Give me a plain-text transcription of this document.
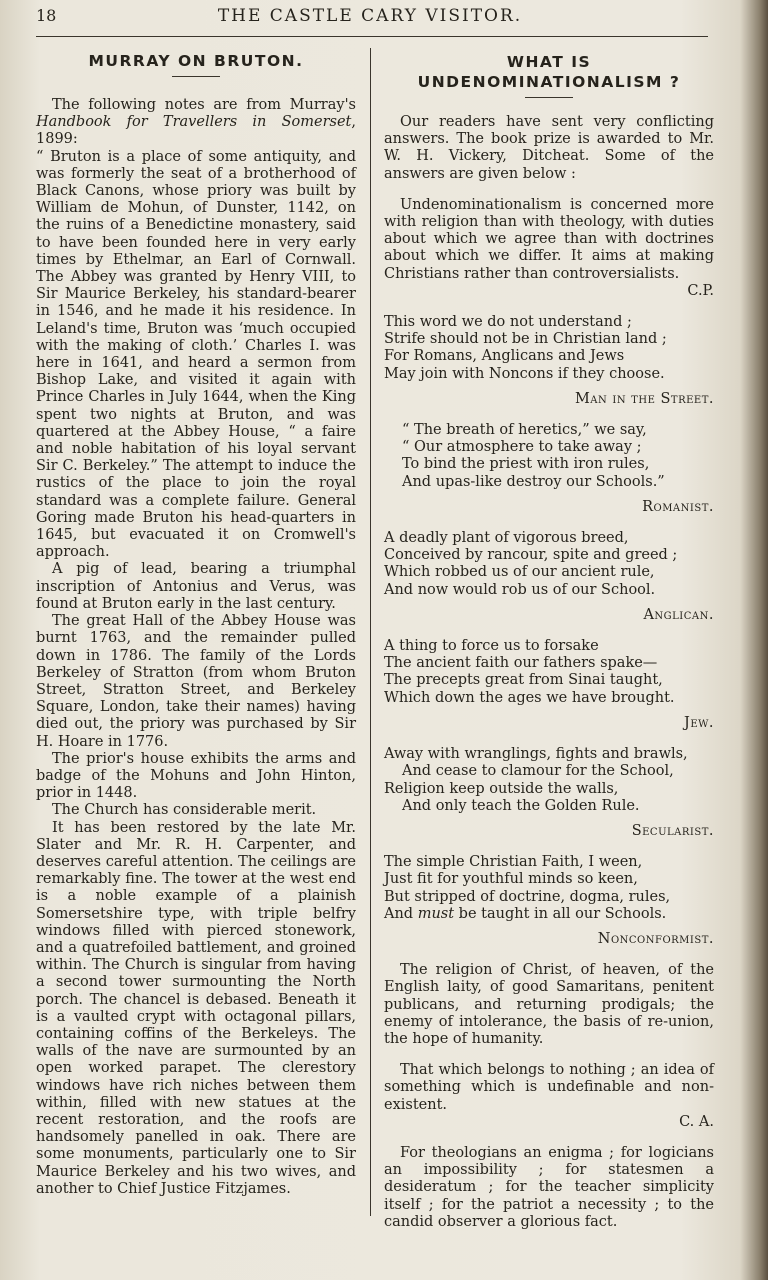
18	THE CASTLE CARY VISITOR.
MURRAY ON BRUTON.

The following notes are from Murray's Handbook for Travellers in Somerset, 1899:

“ Bruton is a place of some antiquity, and was formerly the seat of a brotherhood of Black Canons, whose priory was built by William de Mohun, of Dunster, 1142, on the ruins of a Benedictine monastery, said to have been founded here in very early times by Ethelmar, an Earl of Cornwall. The Abbey was granted by Henry VIII, to Sir Maurice Berkeley, his standard-bearer in 1546, and he made it his residence. In Leland's time, Bruton was ‘much occupied with the making of cloth.’ Charles I. was here in 1641, and heard a sermon from Bishop Lake, and visited it again with Prince Charles in July 1644, when the King spent two nights at Bruton, and was quartered at the Abbey House, “ a faire and noble habitation of his loyal servant Sir C. Berkeley.” The attempt to induce the rustics of the place to join the royal standard was a complete failure. General Goring made Bruton his head-quarters in 1645, but evacuated it on Cromwell's approach.

A pig of lead, bearing a triumphal inscription of Antonius and Verus, was found at Bruton early in the last century.

The great Hall of the Abbey House was burnt 1763, and the remainder pulled down in 1786. The family of the Lords Berkeley of Stratton (from whom Bruton Street, Stratton Street, and Berkeley Square, London, take their names) having died out, the priory was purchased by Sir H. Hoare in 1776.

The prior's house exhibits the arms and badge of the Mohuns and John Hinton, prior in 1448.

The Church has considerable merit.

It has been restored by the late Mr. Slater and Mr. R. H. Carpenter, and deserves careful attention. The ceilings are remarkably fine. The tower at the west end is a noble example of a plainish Somersetshire type, with triple belfry windows filled with pierced stonework, and a quatrefoiled battlement, and groined within. The Church is singular from having a second tower surmounting the North porch. The chancel is debased. Beneath it is a vaulted crypt with octagonal pillars, containing coffins of the Berkeleys. The walls of the nave are surmounted by an open worked parapet. The clerestory windows have rich niches between them within, filled with new statues at the recent restoration, and the roofs are handsomely panelled in oak. There are some monuments, particularly one to Sir Maurice Berkeley and his two wives, and another to Chief Justice Fitzjames.

WHAT IS
UNDENOMINATIONALISM ?

Our readers have sent very conflicting answers. The book prize is awarded to Mr. W. H. Vickery, Ditcheat. Some of the answers are given below :

Undenominationalism is concerned more with religion than with theology, with duties about which we agree than with doctrines about which we differ. It aims at making Christians rather than controversialists.

C.P.

This word we do not understand ;
Strife should not be in Christian land ;
For Romans, Anglicans and Jews
May join with Noncons if they choose.
Man in the Street.
“ The breath of heretics,” we say,
“ Our atmosphere to take away ;
To bind the priest with iron rules,
And upas-like destroy our Schools.”
Romanist.
A deadly plant of vigorous breed,
Conceived by rancour, spite and greed ;
Which robbed us of our ancient rule,
And now would rob us of our School.
Anglican.
A thing to force us to forsake
The ancient faith our fathers spake—
The precepts great from Sinai taught,
Which down the ages we have brought.
Jew.
Away with wranglings, fights and brawls,
And cease to clamour for the School,
Religion keep outside the walls,
And only teach the Golden Rule.
Secularist.
The simple Christian Faith, I ween,
Just fit for youthful minds so keen,
But stripped of doctrine, dogma, rules,
And must be taught in all our Schools.
Nonconformist.

The religion of Christ, of heaven, of the English laity, of good Samaritans, penitent publicans, and returning prodigals; the enemy of intolerance, the basis of re-union, the hope of humanity.

That which belongs to nothing ; an idea of something which is undefinable and non-existent.

C. A.

For theologians an enigma ; for logicians an impossibility ; for statesmen a desideratum ; for the teacher simplicity itself ; for the patriot a necessity ; to the candid observer a glorious fact.
